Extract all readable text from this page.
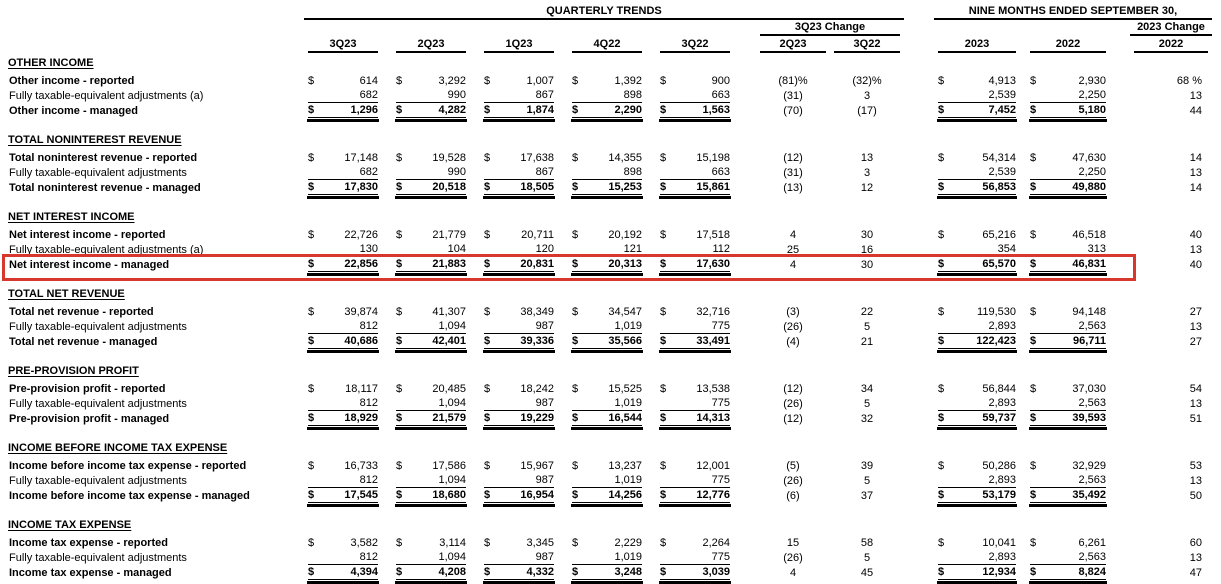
QUARTERLY TRENDS	NINE MONTHS ENDED SEPTEMBER 30,
3Q23 Change	2023 Change
3Q23	2Q23	1Q23	4Q22	3Q22	2Q23	3Q22	2023	2022	2022
OTHER INCOME
Other income - reported	$	614 $	3,292 $	1,007 $	1,392 $	900	(81)%	(32)%	$	4,913 $	2,930	68 %
Fully taxable-equivalent adjustments (a)	682	990	867	898	663	(31)	3	2,539	2,250	13
Other income - managed	$	1,296 $	4,282 $	1,874 $	2,290 $	1,563	(70)	(17)	$	7,452 $	5,180	44
TOTAL NONINTEREST REVENUE
Total noninterest revenue - reported	$	17,148 $	19,528 $	17,638 $	14,355 $	15,198	(12)	13	$	54,314 $	47,630	14
Fully taxable-equivalent adjustments	682	990	867	898	663	(31)	3	2,539	2,250	13
Total noninterest revenue - managed	$	17,830 $	20,518 $	18,505 $	15,253 $	15,861	(13)	12	$	56,853 $	49,880	14
NET INTEREST INCOME
Net interest income - reported	$	22,726 $	21,779 $	20,711 $	20,192 $	17,518	4	30	$	65,216 $	46,518	40
Fully taxable-equivalent adjustments (a)	130	104	120	121	112	25	16	354	313	13
Net interest income - managed	$	22,856 $	21,883 $	20,831 $	20,313 $	17,630	4	30	$	65,570 $	46,831	40
TOTAL NET REVENUE
Total net revenue - reported	$	39,874 $	41,307 $	38,349 $	34,547 $	32,716	(3)	22	$	119,530 $	94,148	27
Fully taxable-equivalent adjustments	812	1,094	987	1,019	775	(26)	5	2,893	2,563	13
Total net revenue - managed	$	40,686 $	42,401 $	39,336 $	35,566 $	33,491	(4)	21	$	122,423 $	96,711	27
PRE-PROVISION PROFIT
Pre-provision profit - reported	$	18,117 $	20,485 $	18,242 $	15,525 $	13,538	(12)	34	$	56,844 $	37,030	54
Fully taxable-equivalent adjustments	812	1,094	987	1,019	775	(26)	5	2,893	2,563	13
Pre-provision profit - managed	$	18,929 $	21,579 $	19,229 $	16,544 $	14,313	(12)	32	$	59,737 $	39,593	51
INCOME BEFORE INCOME TAX EXPENSE
Income before income tax expense - reported	$	16,733 $	17,586 $	15,967 $	13,237 $	12,001	(5)	39	$	50,286 $	32,929	53
Fully taxable-equivalent adjustments	812	1,094	987	1,019	775	(26)	5	2,893	2,563	13
Income before income tax expense - managed	$	17,545 $	18,680 $	16,954 $	14,256 $	12,776	(6)	37	$	53,179 $	35,492	50
INCOME TAX EXPENSE
Income tax expense - reported	$	3,582 $	3,114 $	3,345 $	2,229 $	2,264	15	58	$	10,041 $	6,261	60
Fully taxable-equivalent adjustments	812	1,094	987	1,019	775	(26)	5	2,893	2,563	13
Income tax expense - managed	$	4,394 $	4,208 $	4,332 $	3,248 $	3,039	4	45	$	12,934 $	8,824	47
